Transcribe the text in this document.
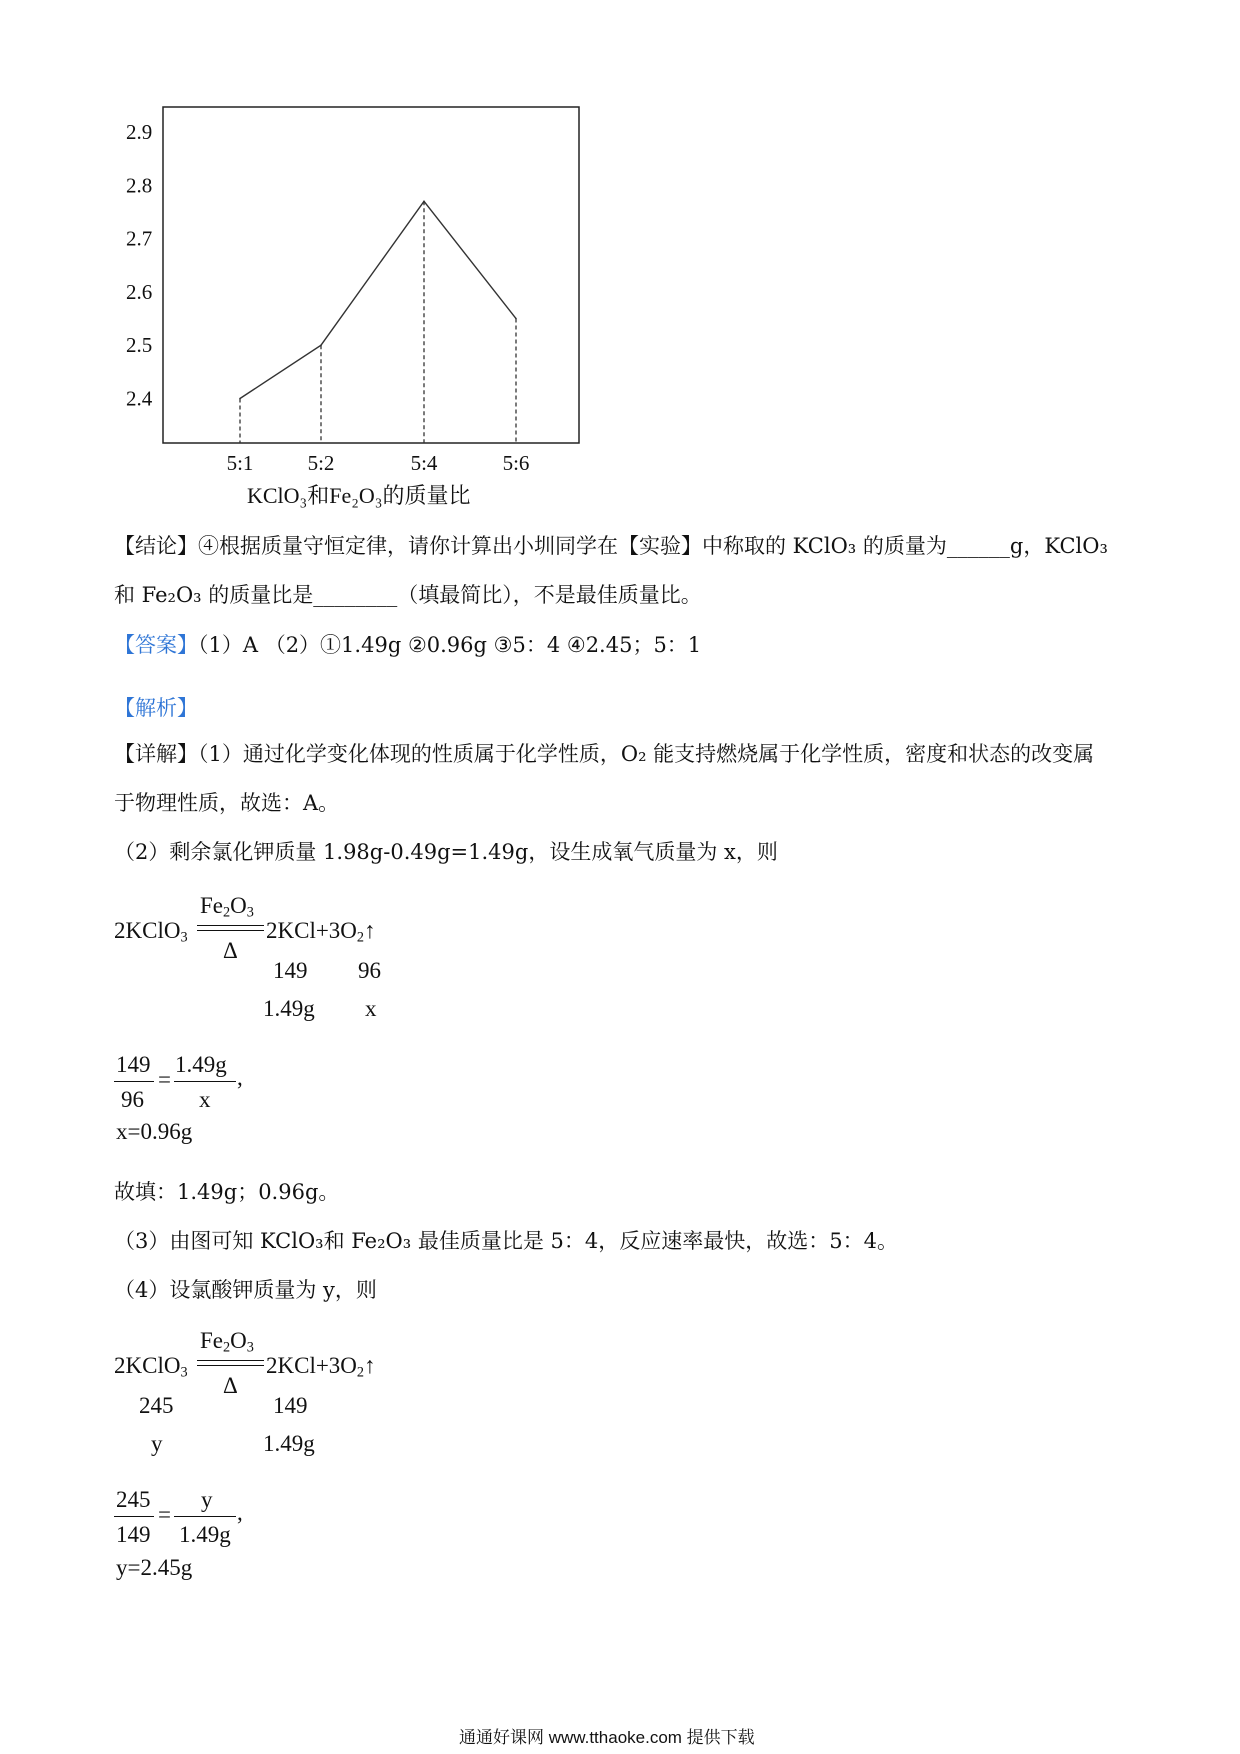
2.9
2.8
2.7
2.6
2.5
2.4
5:1	5:2	5:4	5:6
KClO₃和Fe₂O₃的质量比
【结论】④根据质量守恒定律，请你计算出小圳同学在【实验】中称取的 KClO₃ 的质量为______g，KClO₃
和 Fe₂O₃ 的质量比是________（填最简比），不是最佳质量比。
【答案】（1）A （2）①1.49g ②0.96g ③5：4 ④2.45；5：1
【解析】
【详解】（1）通过化学变化体现的性质属于化学性质，O₂ 能支持燃烧属于化学性质，密度和状态的改变属
于物理性质，故选：A。
（2）剩余氯化钾质量 1.98g-0.49g=1.49g，设生成氧气质量为 x，则
$Fe_2O_3$
2KClO$_3$
Δ
$2KCl+3O_2↑$
149 96
1.49g x
149
96
=
1.49g
x
,
x=0.96g
故填：1.49g；0.96g。
（3）由图可知 KClO₃和 Fe₂O₃ 最佳质量比是 5：4，反应速率最快，故选：5：4。
（4）设氯酸钾质量为 y，则
$Fe_2O_3$
2KClO$_3$
Δ
$2KCl+3O_2↑$
245	149
y	1.49g
245
149
=
y
1.49g
,
y=2.45g
通通好课网 www.tthaoke.com 提供下载
